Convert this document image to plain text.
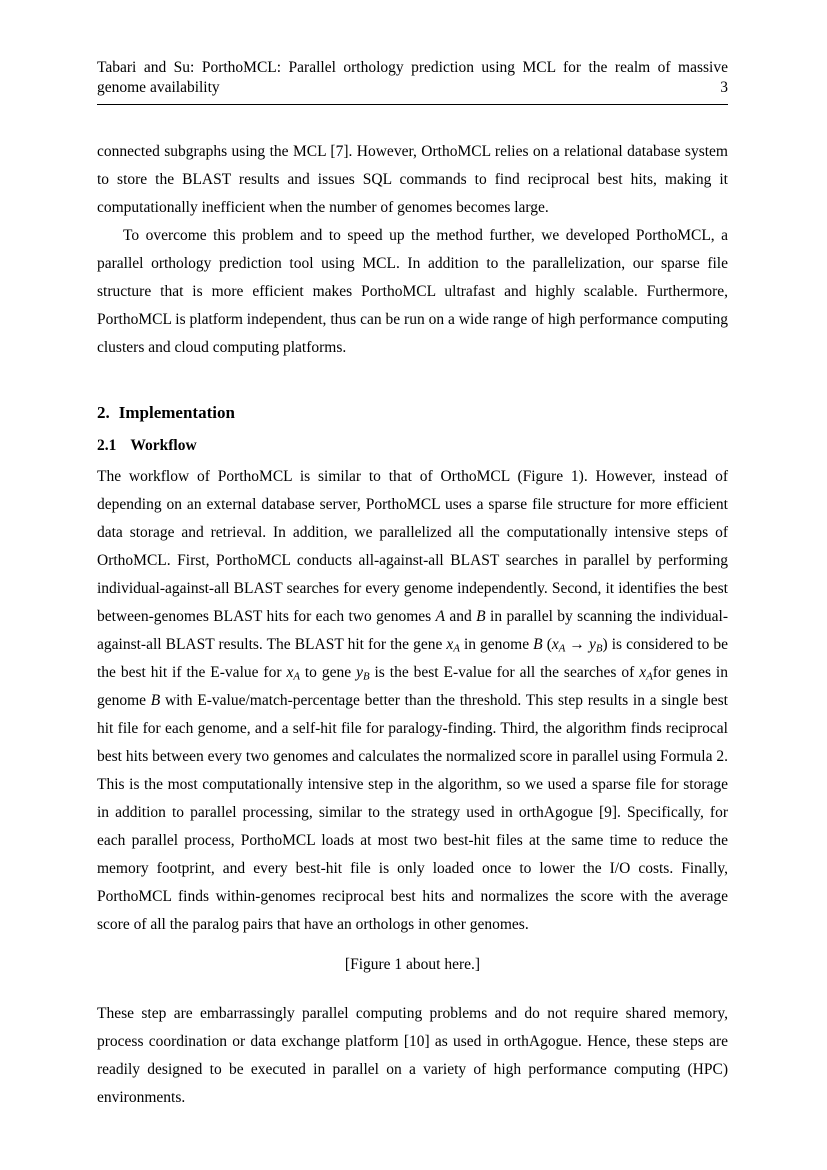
Tabari and Su: PorthoMCL: Parallel orthology prediction using MCL for the realm of massive genome availability	3

connected subgraphs using the MCL [7]. However, OrthoMCL relies on a relational database system to store the BLAST results and issues SQL commands to find reciprocal best hits, making it computationally inefficient when the number of genomes becomes large.

To overcome this problem and to speed up the method further, we developed PorthoMCL, a parallel orthology prediction tool using MCL. In addition to the parallelization, our sparse file structure that is more efficient makes PorthoMCL ultrafast and highly scalable. Furthermore, PorthoMCL is platform independent, thus can be run on a wide range of high performance computing clusters and cloud computing platforms.

2. Implementation
2.1 Workflow

The workflow of PorthoMCL is similar to that of OrthoMCL (Figure 1). However, instead of depending on an external database server, PorthoMCL uses a sparse file structure for more efficient data storage and retrieval. In addition, we parallelized all the computationally intensive steps of OrthoMCL. First, PorthoMCL conducts all-against-all BLAST searches in parallel by performing individual-against-all BLAST searches for every genome independently. Second, it identifies the best between-genomes BLAST hits for each two genomes A and B in parallel by scanning the individual-against-all BLAST results. The BLAST hit for the gene $x_A$ in genome B $(x_A \to y_B)$ is considered to be the best hit if the E-value for $x_A$ to gene $y_B$ is the best E-value for all the searches of $x_Afor$ genes in genome B with E-value/match-percentage better than the threshold. This step results in a single best hit file for each genome, and a self-hit file for paralogy-finding. Third, the algorithm finds reciprocal best hits between every two genomes and calculates the normalized score in parallel using Formula 2. This is the most computationally intensive step in the algorithm, so we used a sparse file for storage in addition to parallel processing, similar to the strategy used in orthAgogue [9]. Specifically, for each parallel process, PorthoMCL loads at most two best-hit files at the same time to reduce the memory footprint, and every best-hit file is only loaded once to lower the I/O costs. Finally, PorthoMCL finds within-genomes reciprocal best hits and normalizes the score with the average score of all the paralog pairs that have an orthologs in other genomes.

[Figure 1 about here.]

These step are embarrassingly parallel computing problems and do not require shared memory, process coordination or data exchange platform [10] as used in orthAgogue. Hence, these steps are readily designed to be executed in parallel on a variety of high performance computing (HPC) environments.
